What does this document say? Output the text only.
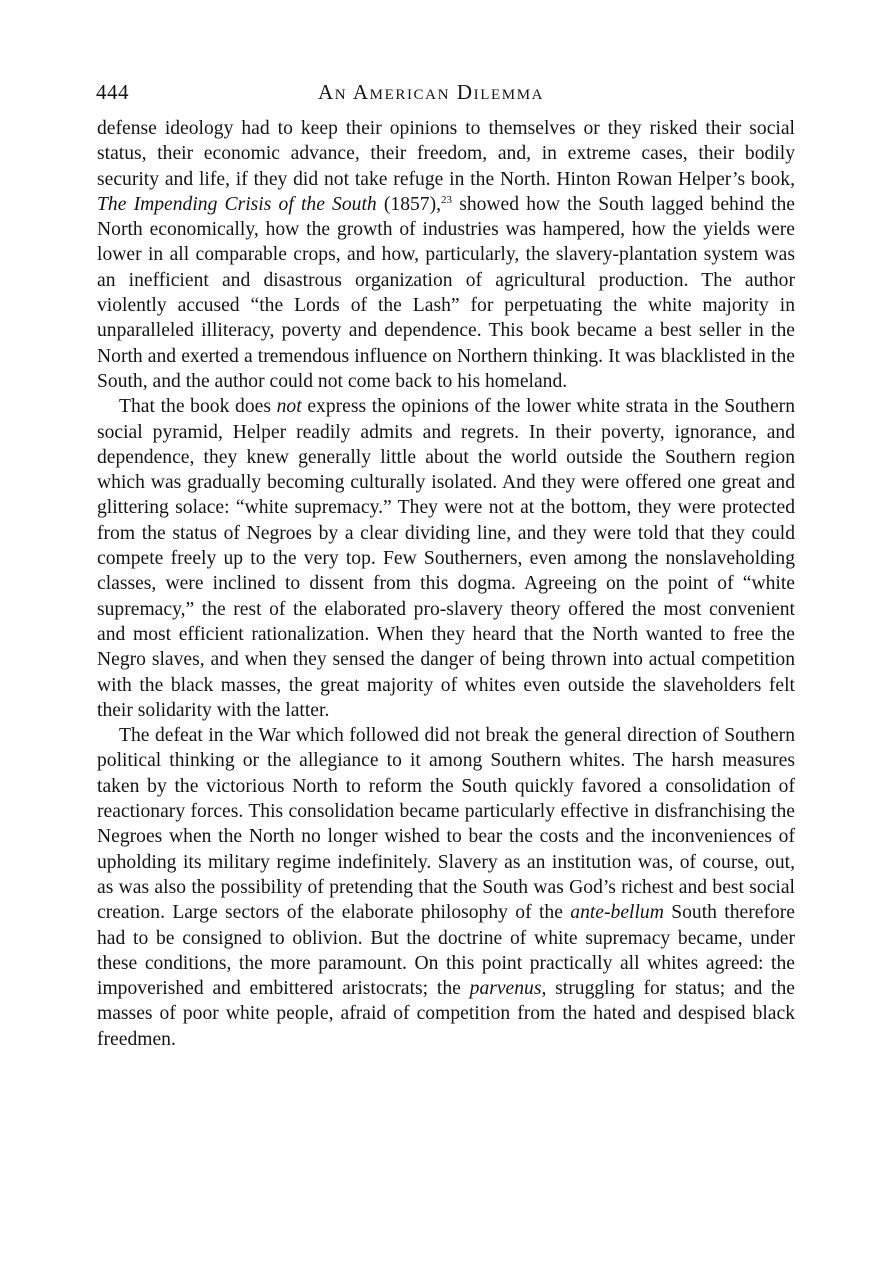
444	An American Dilemma

defense ideology had to keep their opinions to themselves or they risked their social status, their economic advance, their freedom, and, in extreme cases, their bodily security and life, if they did not take refuge in the North. Hinton Rowan Helper’s book, The Impending Crisis of the South (1857),$^{23}$ showed how the South lagged behind the North economically, how the growth of industries was hampered, how the yields were lower in all comparable crops, and how, particularly, the slavery-plantation system was an inefficient and disastrous organization of agricultural production. The author violently accused “the Lords of the Lash” for perpetuating the white majority in unparalleled illiteracy, poverty and dependence. This book became a best seller in the North and exerted a tremendous influence on Northern thinking. It was blacklisted in the South, and the author could not come back to his homeland.

That the book does not express the opinions of the lower white strata in the Southern social pyramid, Helper readily admits and regrets. In their poverty, ignorance, and dependence, they knew generally little about the world outside the Southern region which was gradually becoming culturally isolated. And they were offered one great and glittering solace: “white supremacy.” They were not at the bottom, they were protected from the status of Negroes by a clear dividing line, and they were told that they could compete freely up to the very top. Few Southerners, even among the nonslaveholding classes, were inclined to dissent from this dogma. Agreeing on the point of “white supremacy,” the rest of the elaborated pro-slavery theory offered the most convenient and most efficient rationalization. When they heard that the North wanted to free the Negro slaves, and when they sensed the danger of being thrown into actual competition with the black masses, the great majority of whites even outside the slaveholders felt their solidarity with the latter.

The defeat in the War which followed did not break the general direction of Southern political thinking or the allegiance to it among Southern whites. The harsh measures taken by the victorious North to reform the South quickly favored a consolidation of reactionary forces. This consolidation became particularly effective in disfranchising the Negroes when the North no longer wished to bear the costs and the inconveniences of upholding its military regime indefinitely. Slavery as an institution was, of course, out, as was also the possibility of pretending that the South was God’s richest and best social creation. Large sectors of the elaborate philosophy of the ante-bellum South therefore had to be consigned to oblivion. But the doctrine of white supremacy became, under these conditions, the more paramount. On this point practically all whites agreed: the impoverished and embittered aristocrats; the parvenus, struggling for status; and the masses of poor white people, afraid of competition from the hated and despised black freedmen.
